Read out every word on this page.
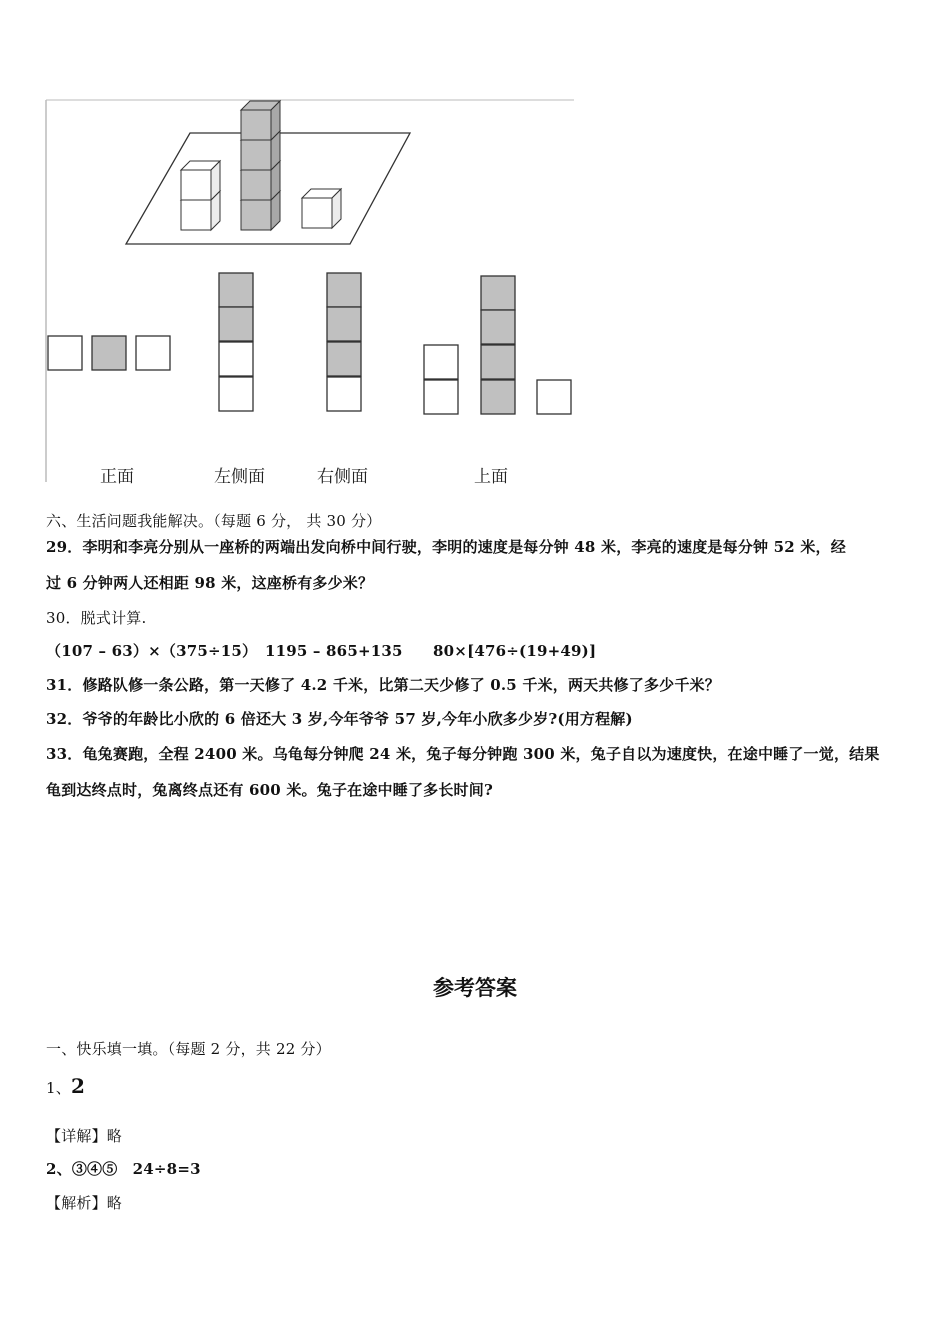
正面	左侧面	右侧面	上面
六、生活问题我能解决。（每题 6 分， 共 30 分）
29．李明和李亮分别从一座桥的两端出发向桥中间行驶，李明的速度是每分钟 48 米，李亮的速度是每分钟 52 米，经
过 6 分钟两人还相距 98 米，这座桥有多少米？
30．脱式计算.
（107 – 63）×（375÷15）　1195 – 865+135　　80×[476÷(19+49)]
31．修路队修一条公路，第一天修了 4.2 千米，比第二天少修了 0.5 千米，两天共修了多少千米？
32．爷爷的年龄比小欣的 6 倍还大 3 岁,今年爷爷 57 岁,今年小欣多少岁?(用方程解)
33．龟兔赛跑，全程 2400 米。乌龟每分钟爬 24 米，兔子每分钟跑 300 米，兔子自以为速度快，在途中睡了一觉，结果
龟到达终点时，兔离终点还有 600 米。兔子在途中睡了多长时间?
参考答案
一、快乐填一填。（每题 2 分，共 22 分）
1、2
【详解】略
2、③④⑤　24÷8=3
【解析】略
